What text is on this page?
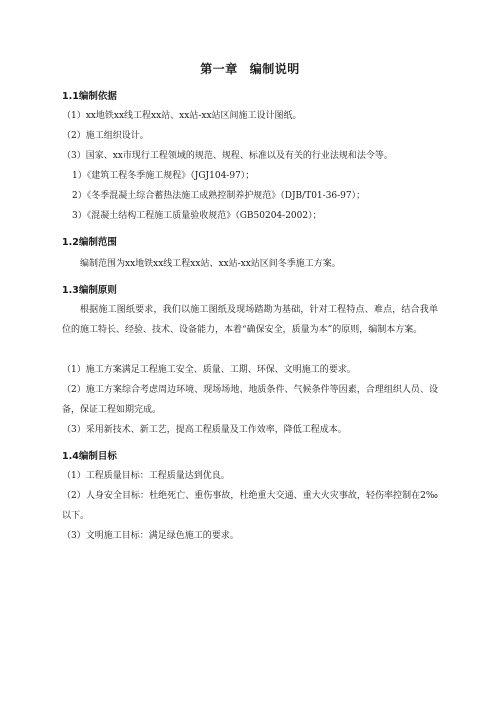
第一章 编制说明
1.1编制依据
（1）xx地铁xx线工程xx站、xx站-xx站区间施工设计图纸。
（2）施工组织设计。
（3）国家、xx市现行工程领域的规范、规程、标准以及有关的行业法规和法令等。
1）《建筑工程冬季施工规程》（JGJ104-97）；
2）《冬季混凝土综合蓄热法施工成熟控制养护规范》（DJB/T01-36-97）；
3）《混凝土结构工程施工质量验收规范》（GB50204-2002）；
1.2编制范围
编制范围为xx地铁xx线工程xx站、xx站-xx站区间冬季施工方案。
1.3编制原则
根据施工图纸要求，我们以施工图纸及现场踏勘为基础，针对工程特点、难点，结合我单位的施工特长、经验、技术、设备能力，本着“确保安全，质量为本”的原则，编制本方案。
（1）施工方案满足工程施工安全、质量、工期、环保、文明施工的要求。
（2）施工方案综合考虑周边环境、现场场地、地质条件、气候条件等因素，合理组织人员、设备，保证工程如期完成。
（3）采用新技术、新工艺，提高工程质量及工作效率，降低工程成本。
1.4编制目标
（1）工程质量目标：工程质量达到优良。
（2）人身安全目标：杜绝死亡、重伤事故，杜绝重大交通、重大火灾事故，轻伤率控制在2‰以下。
（3）文明施工目标：满足绿色施工的要求。
